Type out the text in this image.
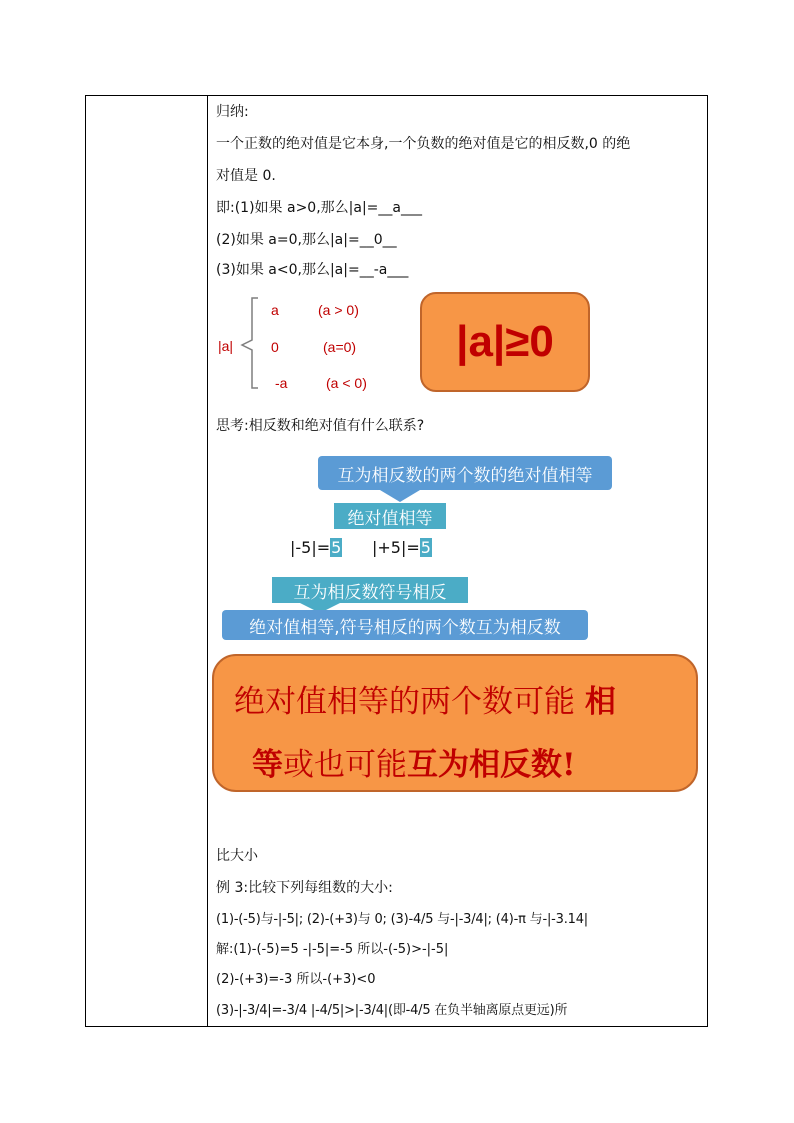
归纳:
一个正数的绝对值是它本身,一个负数的绝对值是它的相反数,0 的绝
对值是 0.
即:(1)如果 a>0,那么|a|=__a___
(2)如果 a=0,那么|a|=__0__
(3)如果 a<0,那么|a|=__-a___
|a|
a	(a > 0)
0	(a=0)
-a	(a < 0)
|a|≥0
思考:相反数和绝对值有什么联系?
互为相反数的两个数的绝对值相等
绝对值相等
|-5|=5 |+5|=5
互为相反数符号相反
绝对值相等,符号相反的两个数互为相反数
绝对值相等的两个数可能 相
等或也可能互为相反数!
比大小
例 3:比较下列每组数的大小:
(1)-(-5)与-|-5|; (2)-(+3)与 0; (3)-4/5 与-|-3/4|; (4)-π 与-|-3.14|
解:(1)-(-5)=5 -|-5|=-5 所以-(-5)>-|-5|
(2)-(+3)=-3 所以-(+3)<0
(3)-|-3/4|=-3/4 |-4/5|>|-3/4|(即-4/5 在负半轴离原点更远)所
